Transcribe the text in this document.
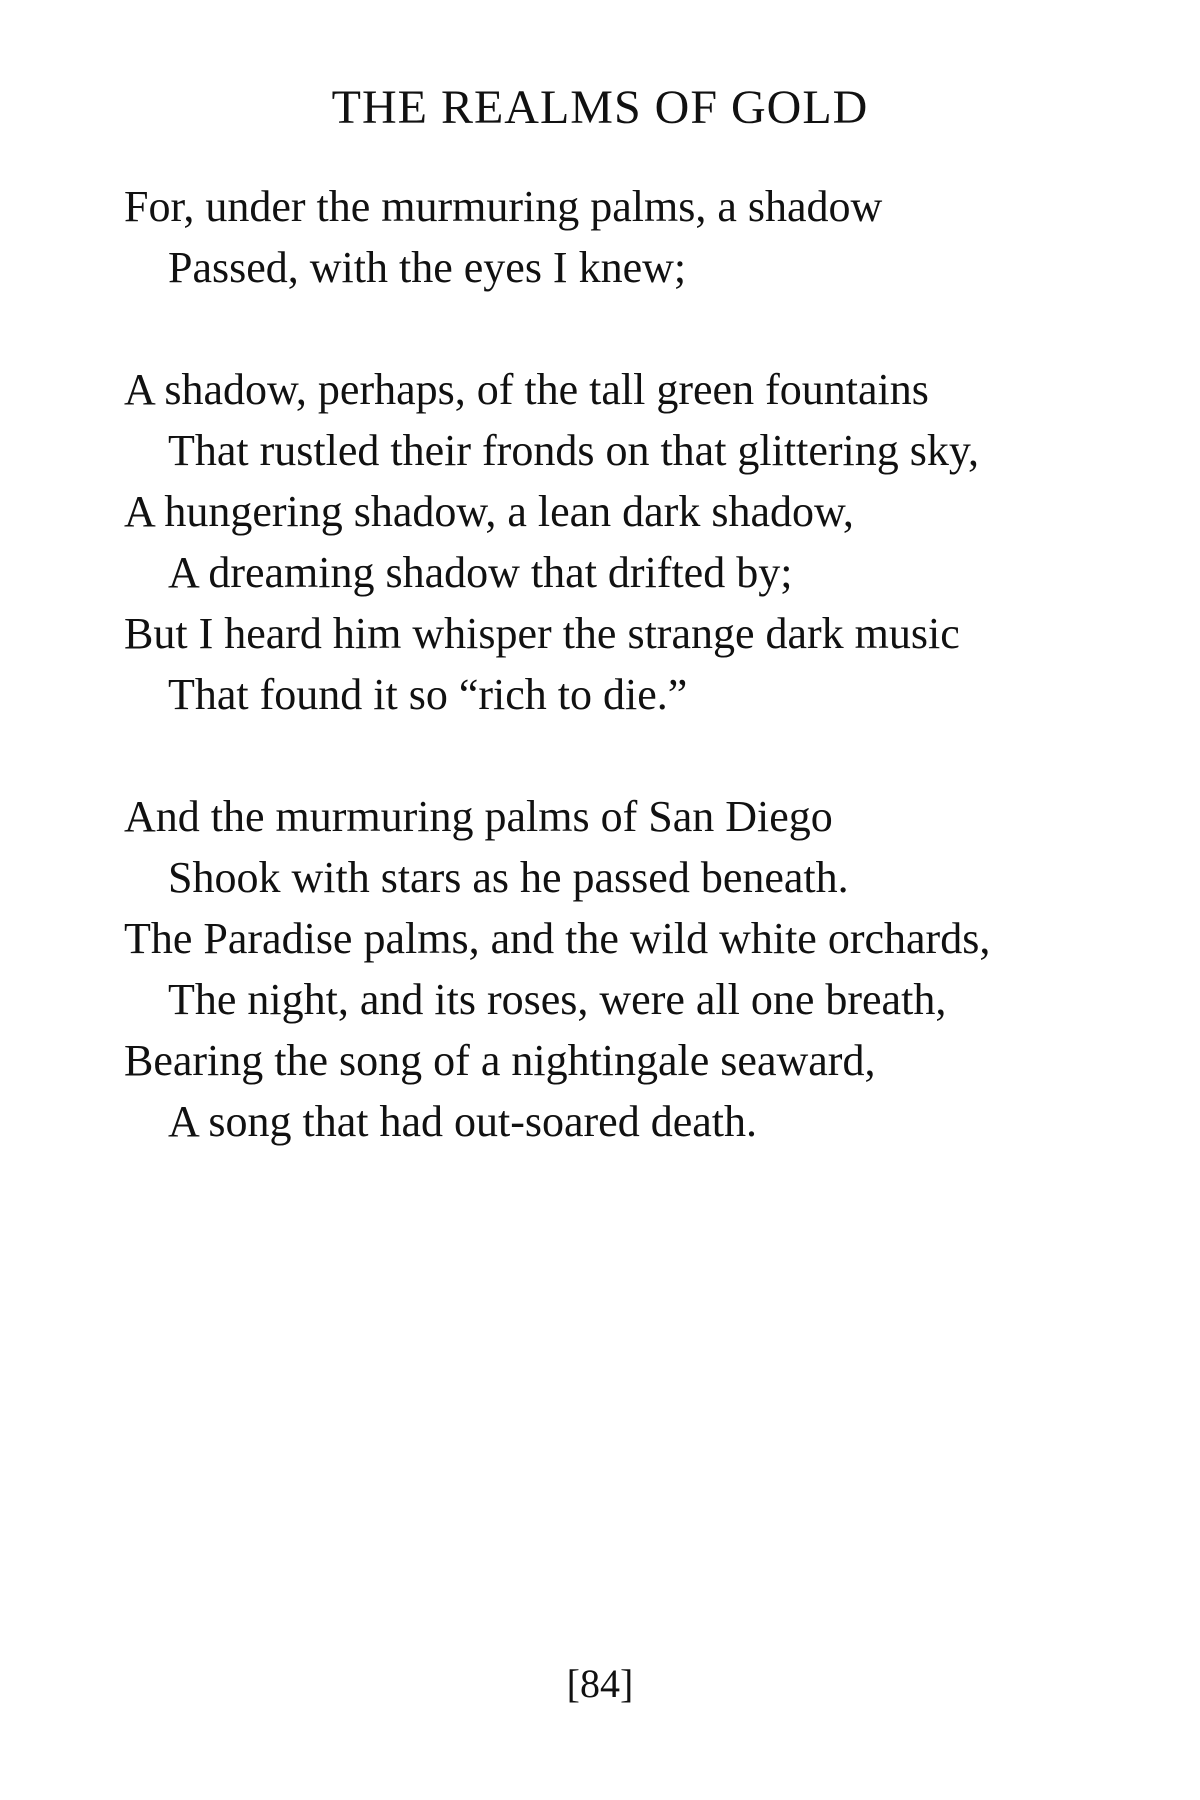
THE REALMS OF GOLD
For, under the murmuring palms, a shadow
Passed, with the eyes I knew;
A shadow, perhaps, of the tall green fountains
That rustled their fronds on that glittering sky,
A hungering shadow, a lean dark shadow,
A dreaming shadow that drifted by;
But I heard him whisper the strange dark music
That found it so “rich to die.”
And the murmuring palms of San Diego
Shook with stars as he passed beneath.
The Paradise palms, and the wild white orchards,
The night, and its roses, were all one breath,
Bearing the song of a nightingale seaward,
A song that had out-soared death.
[84]
